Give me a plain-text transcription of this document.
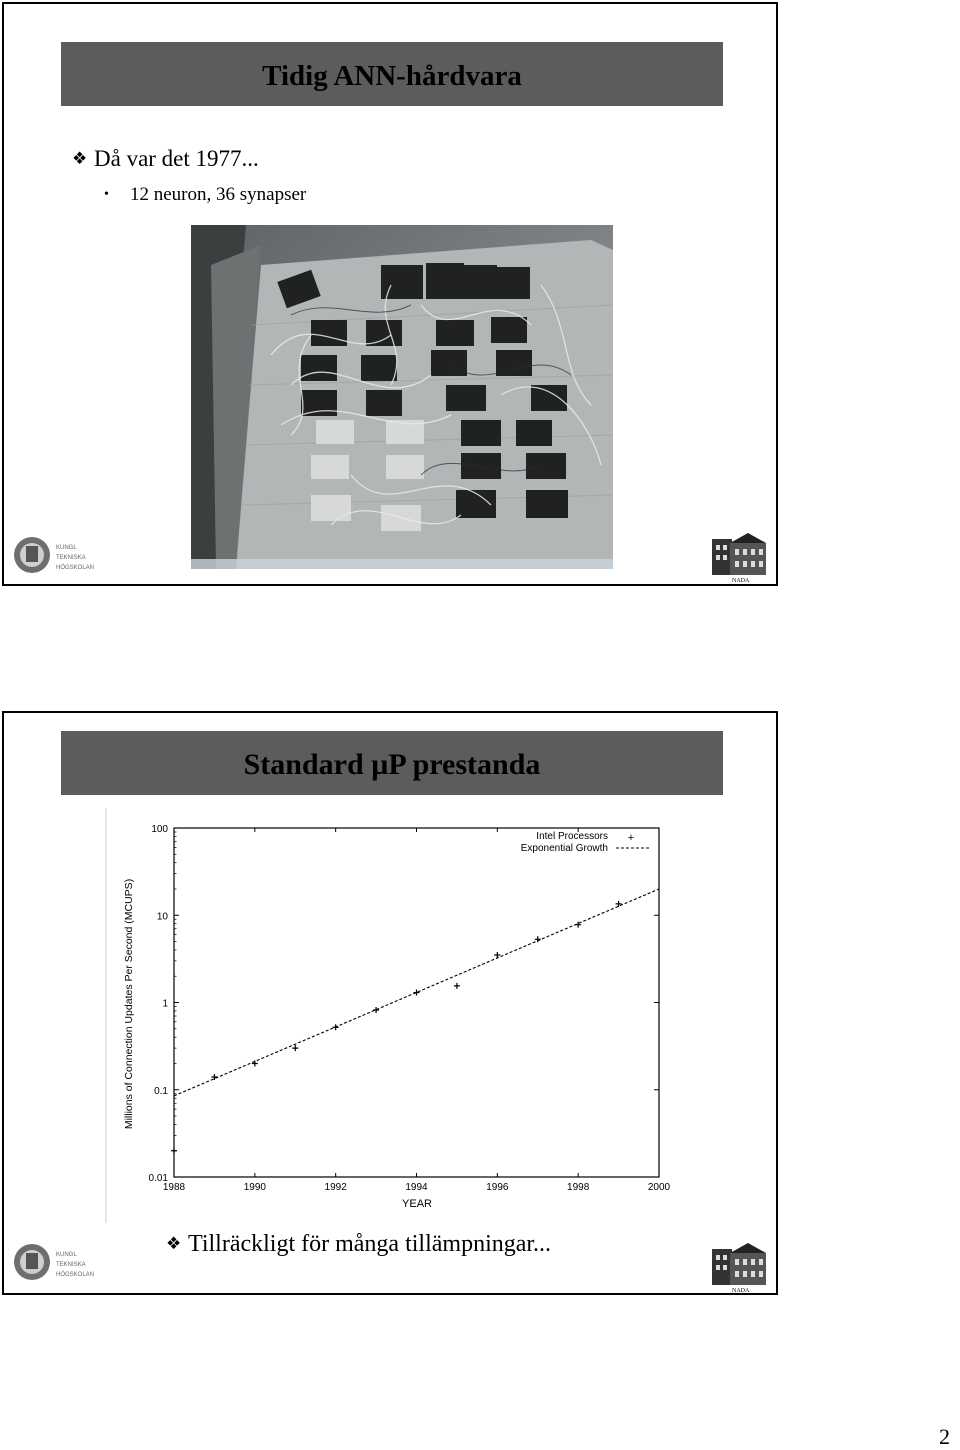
Tidig ANN-hårdvara
❖ Då var det 1977...
• 12 neuron, 36 synapser
KUNGL
TEKNISKA
HÖGSKOLAN
NADA
Standard µP prestanda
Millions of Connection Updates Per Second (MCUPS)
YEAR
Intel Processors +
Exponential Growth
1988	1990	1992	1994	1996	1998	2000
0.01
0.1
1
10
100
❖ Tillräckligt för många tillämpningar...
KUNGL
TEKNISKA
HÖGSKOLAN
NADA
2
